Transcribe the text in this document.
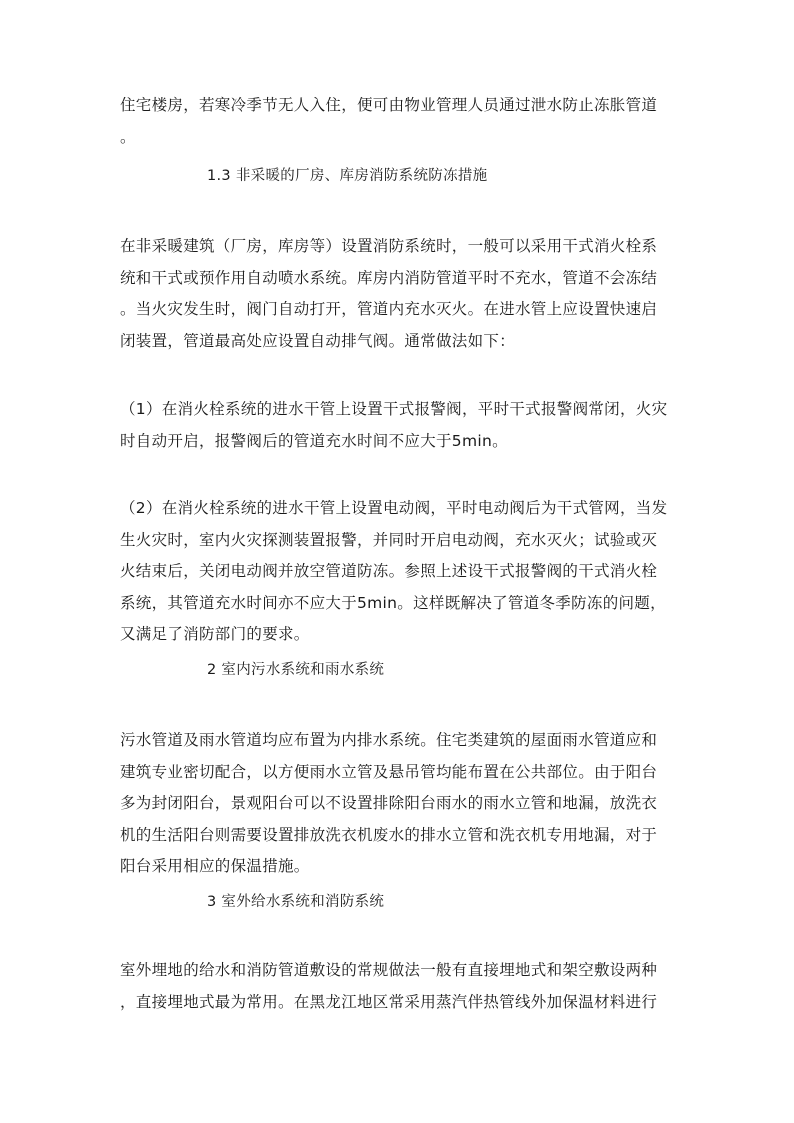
住宅楼房，若寒冷季节无人入住，便可由物业管理人员通过泄水防止冻胀管道
。
1.3 非采暖的厂房、库房消防系统防冻措施
在非采暖建筑（厂房，库房等）设置消防系统时，一般可以采用干式消火栓系
统和干式或预作用自动喷水系统。库房内消防管道平时不充水，管道不会冻结
。当火灾发生时，阀门自动打开，管道内充水灭火。在进水管上应设置快速启
闭装置，管道最高处应设置自动排气阀。通常做法如下：
（1）在消火栓系统的进水干管上设置干式报警阀，平时干式报警阀常闭，火灾
时自动开启，报警阀后的管道充水时间不应大于5min。
（2）在消火栓系统的进水干管上设置电动阀，平时电动阀后为干式管网，当发
生火灾时，室内火灾探测装置报警，并同时开启电动阀，充水灭火；试验或灭
火结束后，关闭电动阀并放空管道防冻。参照上述设干式报警阀的干式消火栓
系统，其管道充水时间亦不应大于5min。这样既解决了管道冬季防冻的问题，
又满足了消防部门的要求。
2 室内污水系统和雨水系统
污水管道及雨水管道均应布置为内排水系统。住宅类建筑的屋面雨水管道应和
建筑专业密切配合，以方便雨水立管及悬吊管均能布置在公共部位。由于阳台
多为封闭阳台，景观阳台可以不设置排除阳台雨水的雨水立管和地漏，放洗衣
机的生活阳台则需要设置排放洗衣机废水的排水立管和洗衣机专用地漏，对于
阳台采用相应的保温措施。
3 室外给水系统和消防系统
室外埋地的给水和消防管道敷设的常规做法一般有直接埋地式和架空敷设两种
，直接埋地式最为常用。在黑龙江地区常采用蒸汽伴热管线外加保温材料进行
